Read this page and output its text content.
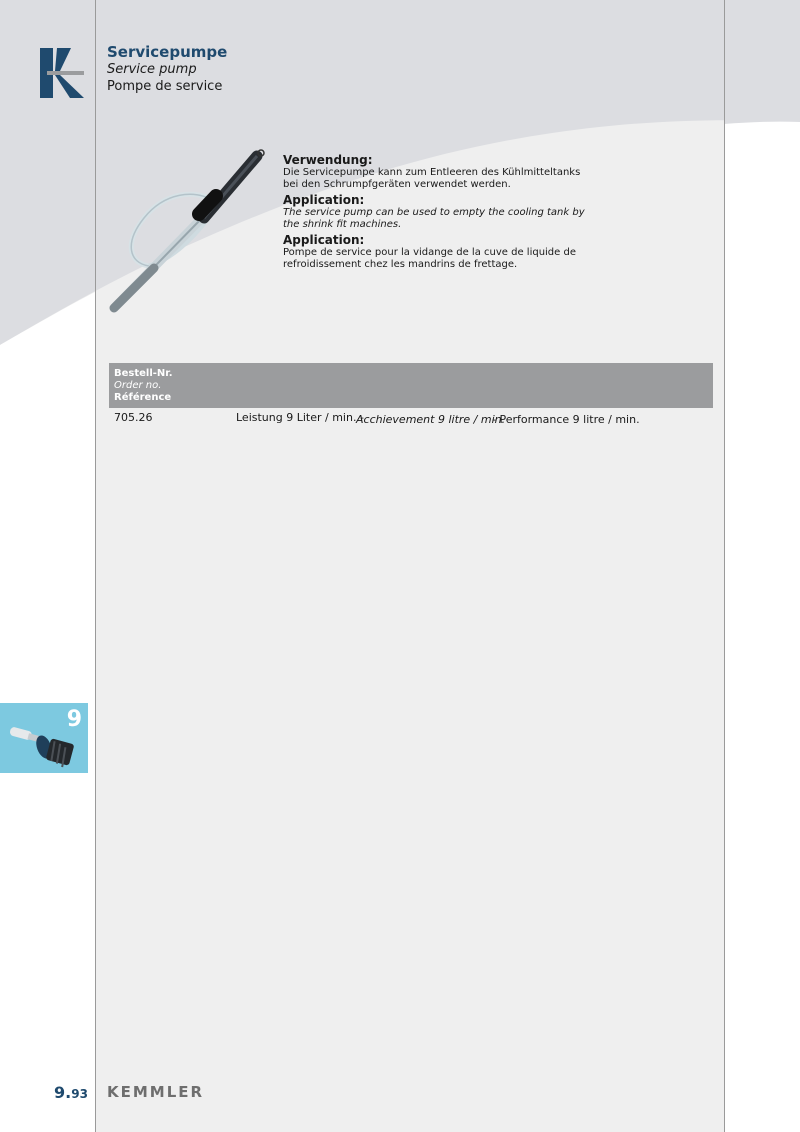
Servicepumpe
Service pump
Pompe de service
Verwendung:
Die Servicepumpe kann zum Entleeren des Kühlmitteltanks bei den Schrumpfgeräten verwendet werden.
Application:
The service pump can be used to empty the cooling tank by the shrink fit machines.
Application:
Pompe de service pour la vidange de la cuve de liquide de refroidissement chez les mandrins de frettage.
Bestell-Nr.
Order no.
Référence
705.26	Leistung 9 Liter / min. -
Acchievement 9 litre / min.
- Performance 9 litre / min.
9
9.93 KEMMLER
